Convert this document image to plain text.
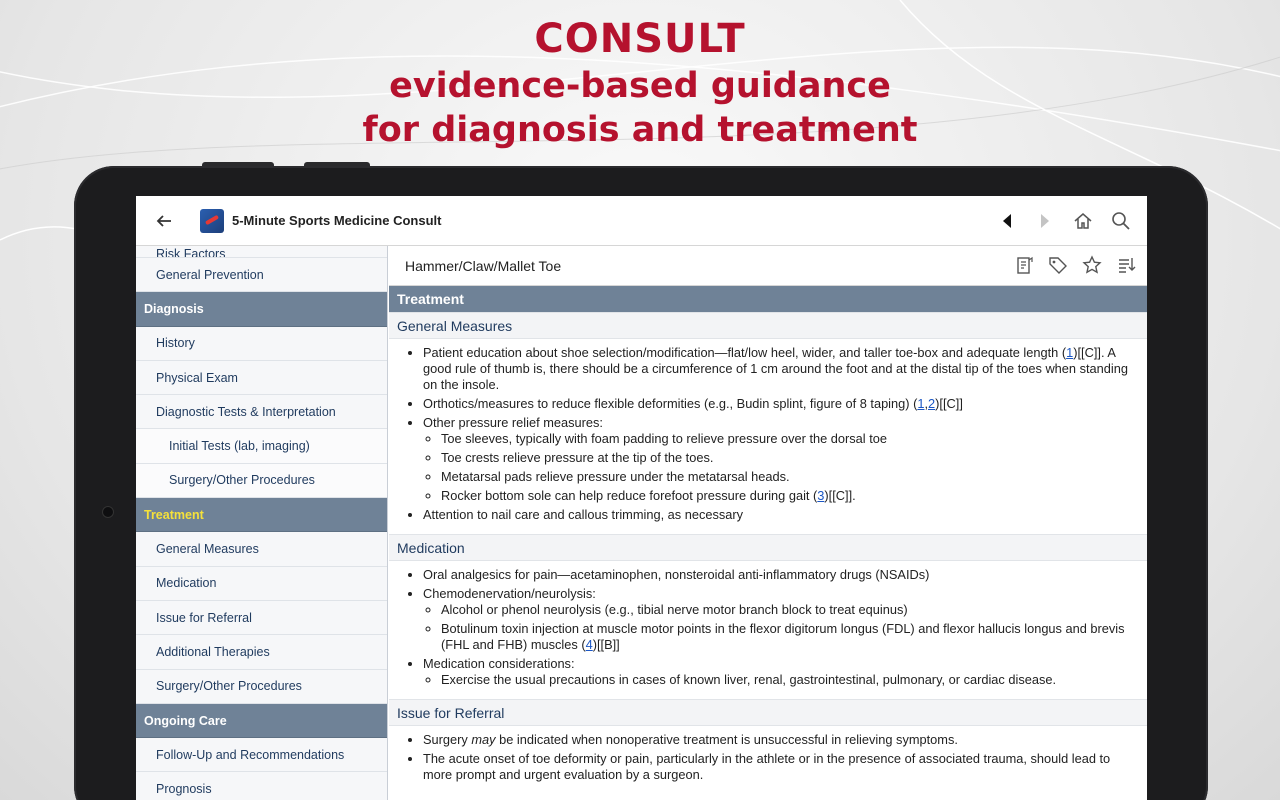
CONSULT
evidence-based guidance
for diagnosis and treatment
5-Minute Sports Medicine Consult
Risk Factors
General Prevention
Diagnosis
History
Physical Exam
Diagnostic Tests & Interpretation
Initial Tests (lab, imaging)
Surgery/Other Procedures
Treatment
General Measures
Medication
Issue for Referral
Additional Therapies
Surgery/Other Procedures
Ongoing Care
Follow-Up and Recommendations
Prognosis
Hammer/Claw/Mallet Toe
Treatment
General Measures
• Patient education about shoe selection/modification—flat/low heel, wider, and taller toe-box and adequate length (1)[[C]]. A good rule of thumb is, there should be a circumference of 1 cm around the foot and at the distal tip of the toes when standing on the insole.
• Orthotics/measures to reduce flexible deformities (e.g., Budin splint, figure of 8 taping) (1,2)[[C]]
• Other pressure relief measures:
◦ Toe sleeves, typically with foam padding to relieve pressure over the dorsal toe
◦ Toe crests relieve pressure at the tip of the toes.
◦ Metatarsal pads relieve pressure under the metatarsal heads.
◦ Rocker bottom sole can help reduce forefoot pressure during gait (3)[[C]].
• Attention to nail care and callous trimming, as necessary
Medication
• Oral analgesics for pain—acetaminophen, nonsteroidal anti-inflammatory drugs (NSAIDs)
• Chemodenervation/neurolysis:
◦ Alcohol or phenol neurolysis (e.g., tibial nerve motor branch block to treat equinus)
◦ Botulinum toxin injection at muscle motor points in the flexor digitorum longus (FDL) and flexor hallucis longus and brevis (FHL and FHB) muscles (4)[[B]]
• Medication considerations:
◦ Exercise the usual precautions in cases of known liver, renal, gastrointestinal, pulmonary, or cardiac disease.
Issue for Referral
• Surgery may be indicated when nonoperative treatment is unsuccessful in relieving symptoms.
• The acute onset of toe deformity or pain, particularly in the athlete or in the presence of associated trauma, should lead to more prompt and urgent evaluation by a surgeon.
